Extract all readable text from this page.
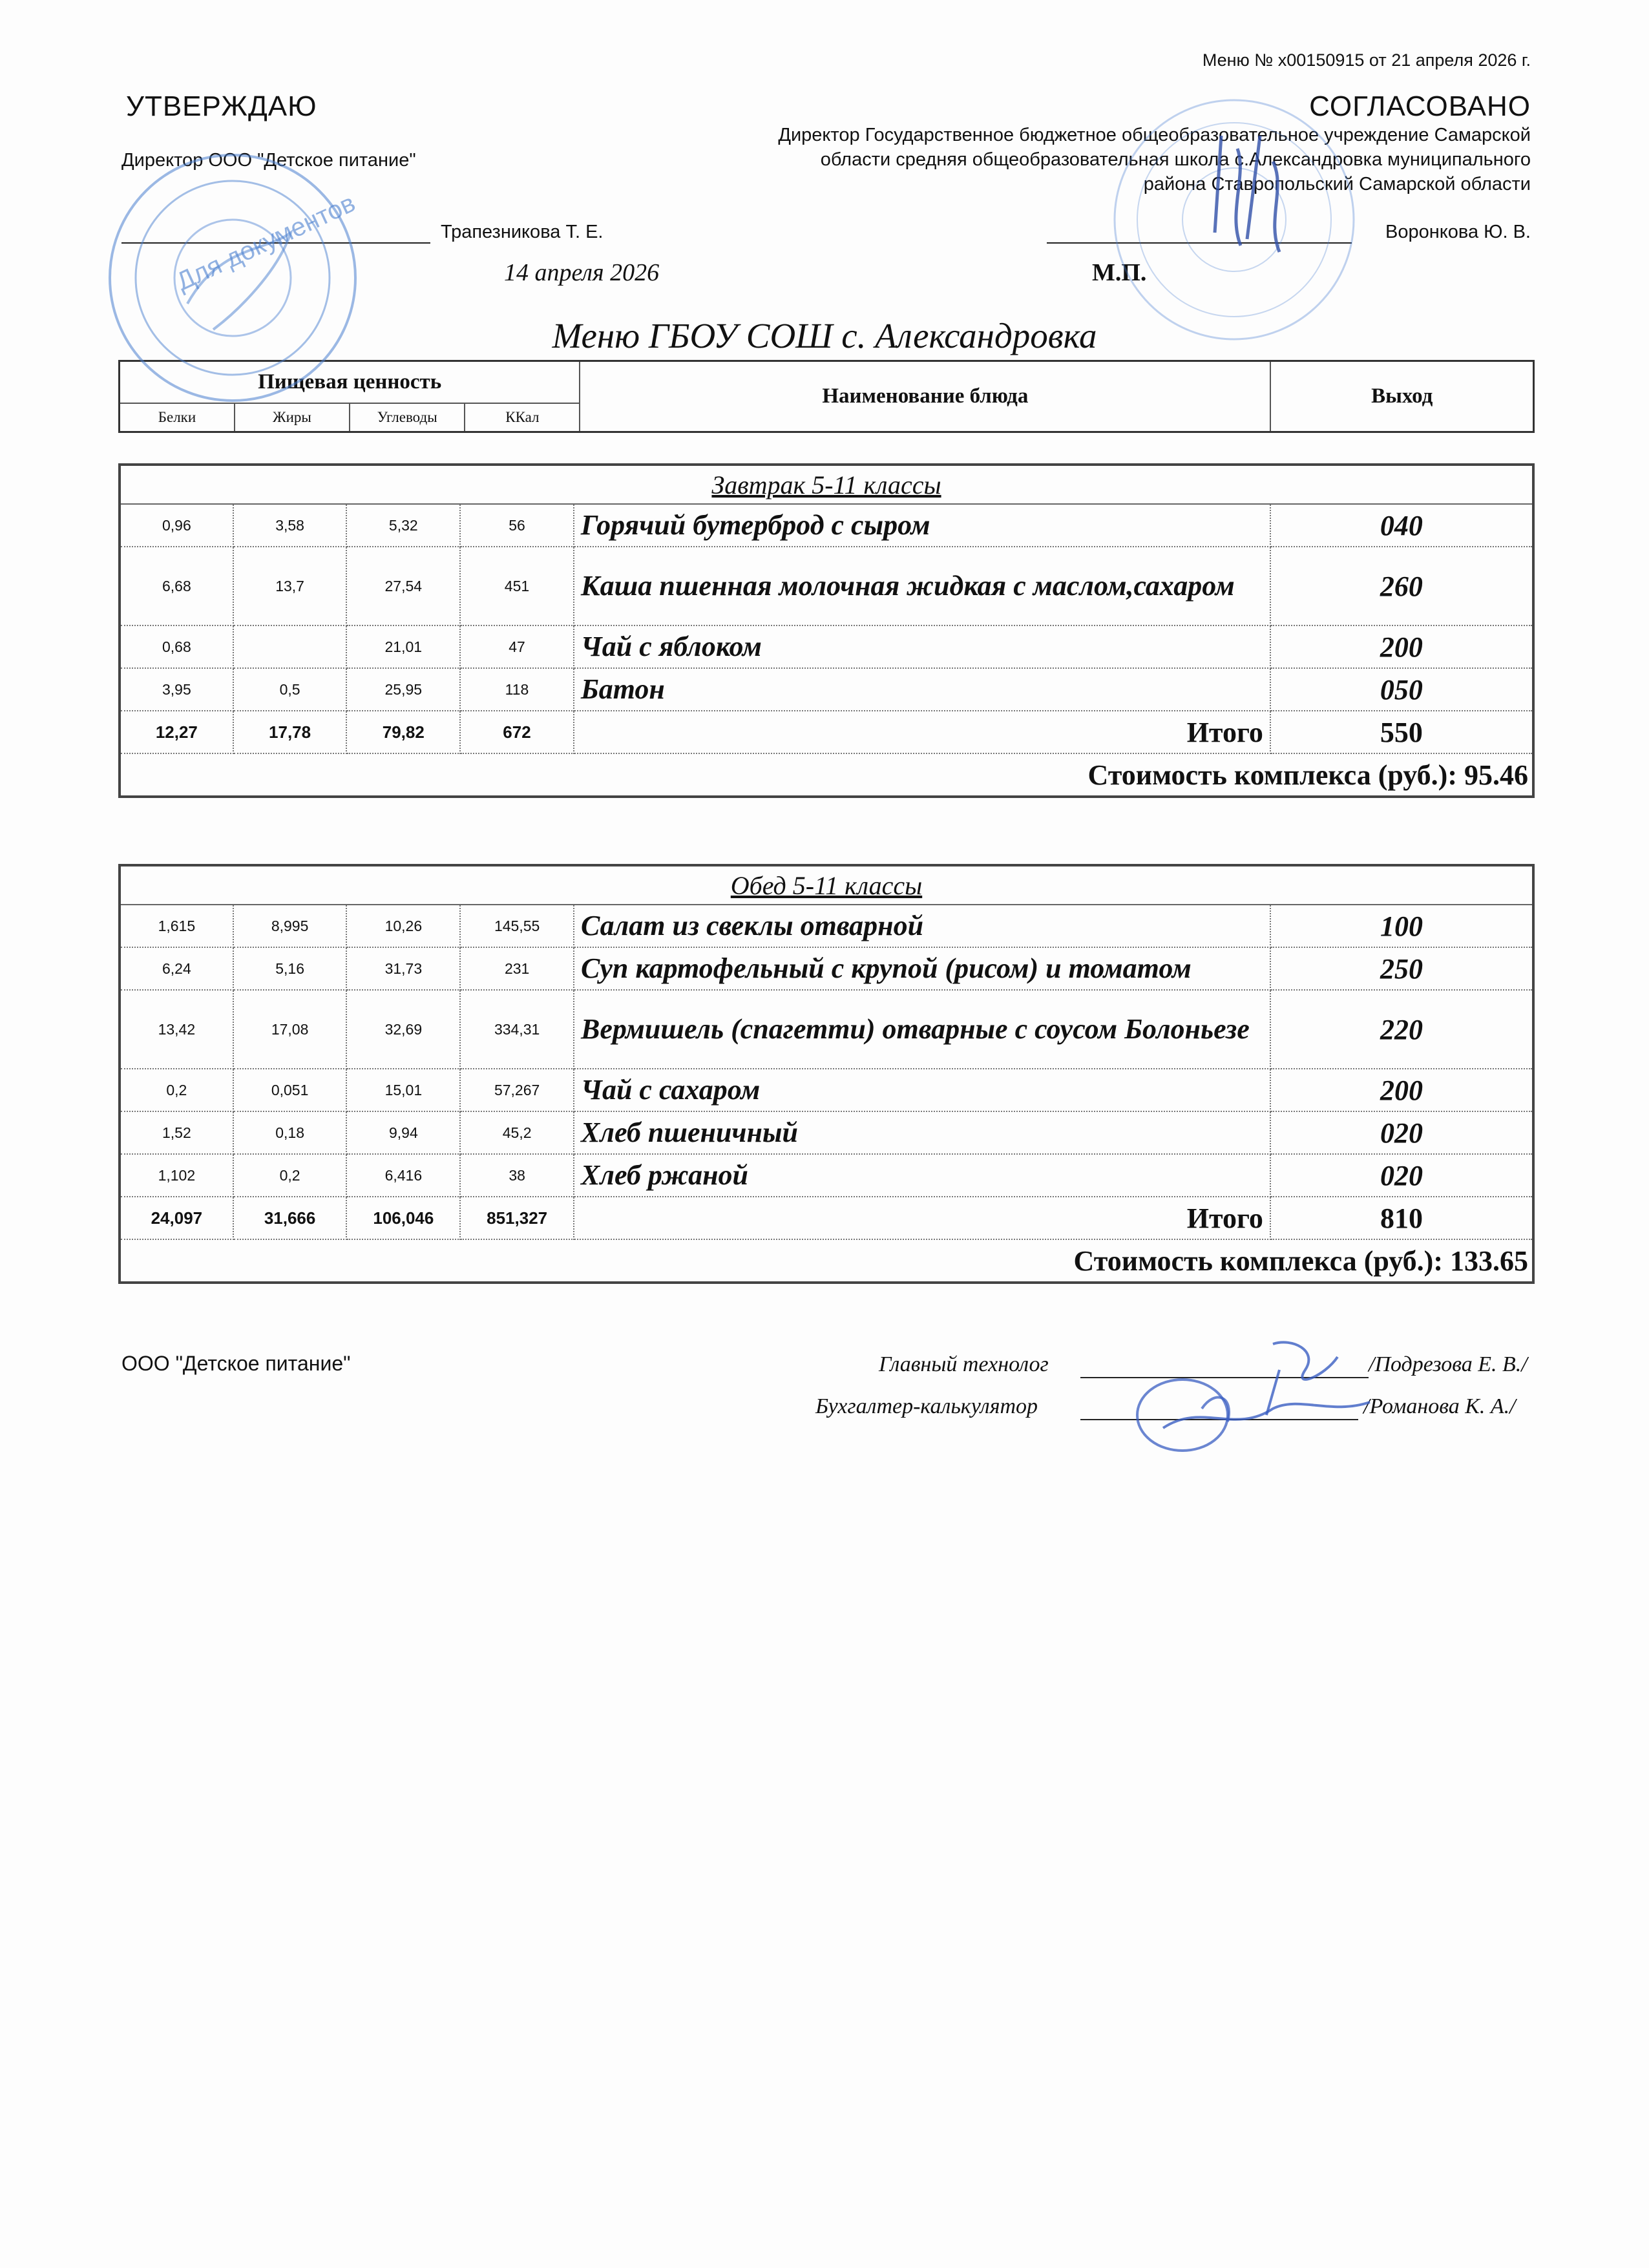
Меню № x00150915 от 21 апреля 2026 г.
УТВЕРЖДАЮ
Директор ООО "Детское питание"
Трапезникова Т. Е.
14 апреля 2026
СОГЛАСОВАНО
Директор Государственное бюджетное общеобразовательное учреждение Самарской
области средняя общеобразовательная школа с.Александровка муниципального
района Ставропольский Самарской области
Воронкова Ю. В.
М.П.
Меню ГБОУ СОШ с. Александровка
Пищевая ценность				Наименование блюда	Выход
Белки	Жиры	Углеводы	ККал		
Завтрак 5-11 классы					
0,96	3,58	5,32	56	Горячий бутерброд с сыром	040
6,68	13,7	27,54	451	Каша пшенная молочная жидкая с маслом,сахаром	260
0,68		21,01	47	Чай с яблоком	200
3,95	0,5	25,95	118	Батон	050
12,27	17,78	79,82	672	Итого	550
Стоимость комплекса (руб.): 95.46					
Обед 5-11 классы					
1,615	8,995	10,26	145,55	Салат из свеклы отварной	100
6,24	5,16	31,73	231	Суп картофельный с крупой (рисом) и томатом	250
13,42	17,08	32,69	334,31	Вермишель (спагетти) отварные с соусом Болоньезе	220
0,2	0,051	15,01	57,267	Чай с сахаром	200
1,52	0,18	9,94	45,2	Хлеб пшеничный	020
1,102	0,2	6,416	38	Хлеб ржаной	020
24,097	31,666	106,046	851,327	Итого	810
Стоимость комплекса (руб.): 133.65					
ООО "Детское питание"	Главный технолог	/Подрезова Е. В./
Бухгалтер-калькулятор	/Романова К. А./
Для документов
